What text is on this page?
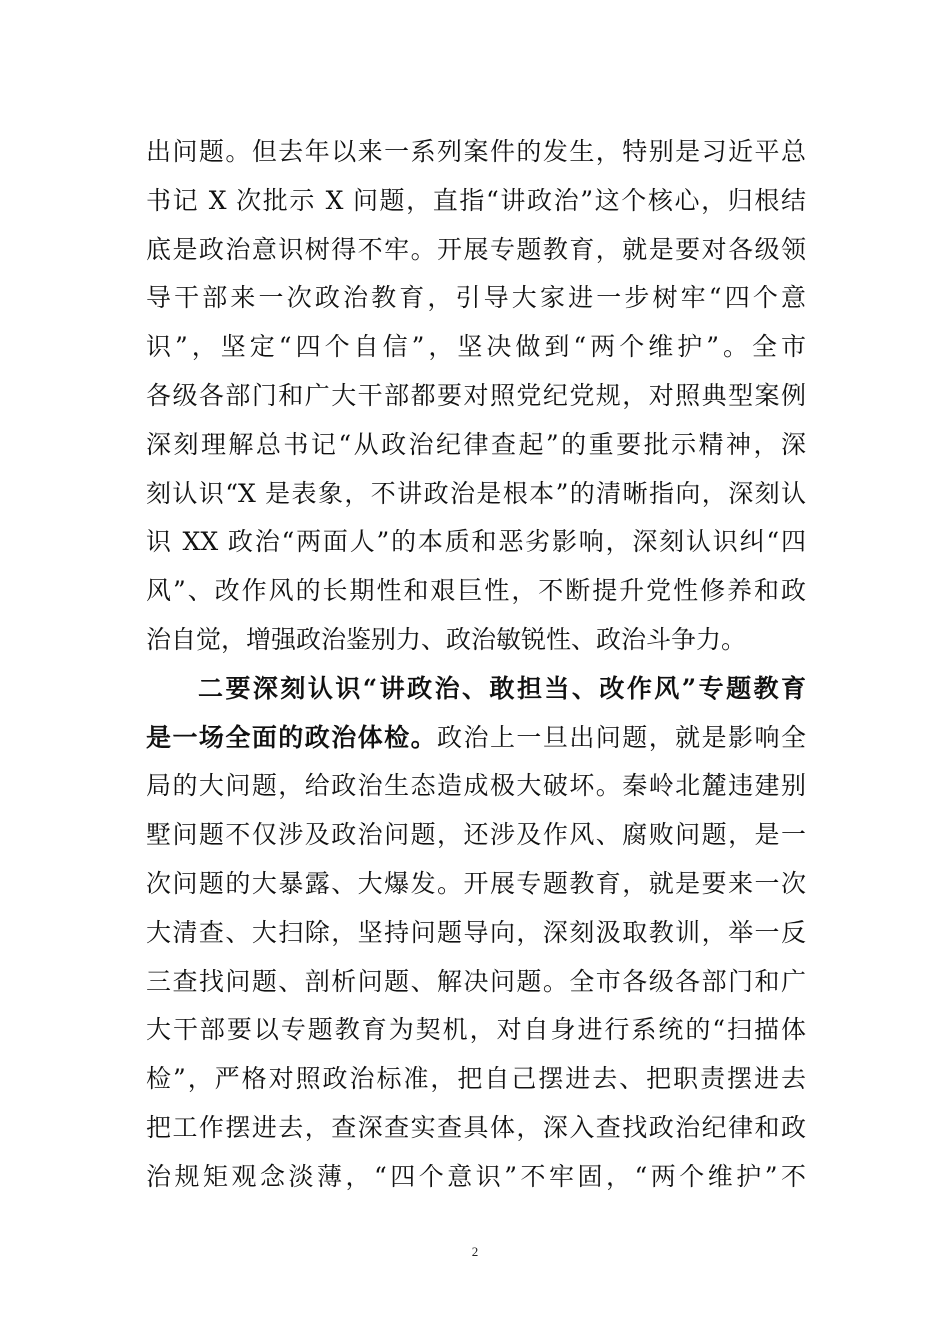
出问题。但去年以来一系列案件的发生，特别是习近平总
书记 X 次批示 X 问题，直指“讲政治”这个核心，归根结
底是政治意识树得不牢。开展专题教育，就是要对各级领
导干部来一次政治教育，引导大家进一步树牢“四个意
识”，坚定“四个自信”，坚决做到“两个维护”。全市
各级各部门和广大干部都要对照党纪党规，对照典型案例
深刻理解总书记“从政治纪律查起”的重要批示精神，深
刻认识“X 是表象，不讲政治是根本”的清晰指向，深刻认
识 XX 政治“两面人”的本质和恶劣影响，深刻认识纠“四
风”、改作风的长期性和艰巨性，不断提升党性修养和政
治自觉，增强政治鉴别力、政治敏锐性、政治斗争力。
二要深刻认识“讲政治、敢担当、改作风”专题教育
是一场全面的政治体检。政治上一旦出问题，就是影响全
局的大问题，给政治生态造成极大破坏。秦岭北麓违建别
墅问题不仅涉及政治问题，还涉及作风、腐败问题，是一
次问题的大暴露、大爆发。开展专题教育，就是要来一次
大清查、大扫除，坚持问题导向，深刻汲取教训，举一反
三查找问题、剖析问题、解决问题。全市各级各部门和广
大干部要以专题教育为契机，对自身进行系统的“扫描体
检”，严格对照政治标准，把自己摆进去、把职责摆进去
把工作摆进去，查深查实查具体，深入查找政治纪律和政
治规矩观念淡薄，“四个意识”不牢固，“两个维护”不
2
